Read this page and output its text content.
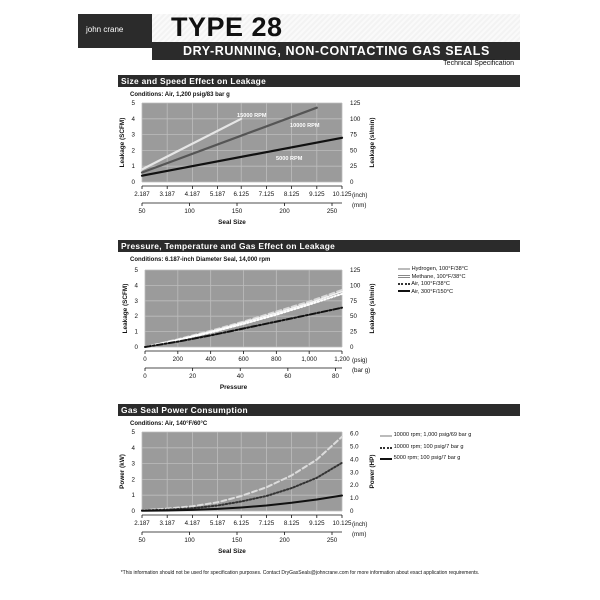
john crane TYPE 28
DRY-RUNNING, NON-CONTACTING GAS SEALS
Technical Specification
Size and Speed Effect on Leakage
Conditions: Air, 1,200 psig/83 bar g
Pressure, Temperature and Gas Effect on Leakage
Conditions: 6.187-inch Diameter Seal, 14,000 rpm
Gas Seal Power Consumption
Conditions: Air, 140°F/60°C
0
1
2
3
4
5
0
25
50
75
100
125
Leakage (SCFM)	Leakage (sl/min)
2.187 3.187 4.187 5.187 6.125 7.125 8.125 9.125 10.125 (inch)
50	100	150	200	250
(mm)
Seal Size
15000 RPM
10000 RPM
5000 RPM
0
1
2
3
4
5
0
25
50
75
100
125
Leakage (SCFM)	Leakage (sl/min)
0	200	400	600	800	1,000	1,200 (psig)
0	20	40	60	80
(bar g)
Pressure
0
1
2
3
4
5
0
1.0
2.0
3.0
4.0
5.0
6.0
Power (kW)	Power (HP)
2.187 3.187 4.187 5.187 6.125 7.125 8.125 9.125 10.125 (inch)
50	100	150	200	250
(mm)
Seal Size
Hydrogen, 100°F/38°C
Methane, 100°F/38°C
Air, 100°F/38°C
Air, 300°F/150°C
10000 rpm; 1,000 psig/69 bar g
10000 rpm; 100 psig/7 bar g
5000 rpm; 100 psig/7 bar g
*This information should not be used for specification purposes. Contact DryGasSeals@johncrane.com for more information about exact application requirements.
